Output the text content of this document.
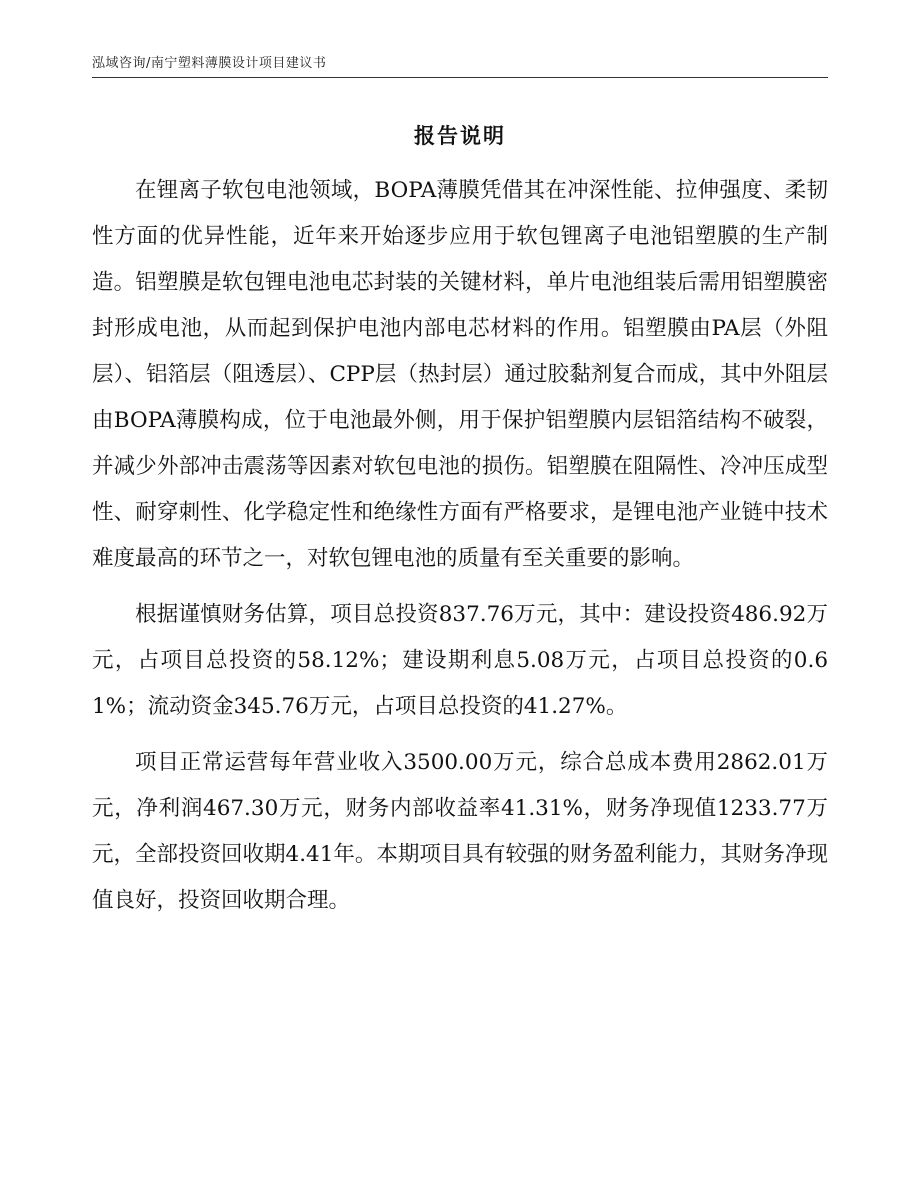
泓域咨询/南宁塑料薄膜设计项目建议书
报告说明

在锂离子软包电池领域，BOPA薄膜凭借其在冲深性能、拉伸强度、柔韧性方面的优异性能，近年来开始逐步应用于软包锂离子电池铝塑膜的生产制造。铝塑膜是软包锂电池电芯封装的关键材料，单片电池组装后需用铝塑膜密封形成电池，从而起到保护电池内部电芯材料的作用。铝塑膜由PA层（外阻层）、铝箔层（阻透层）、CPP层（热封层）通过胶黏剂复合而成，其中外阻层由BOPA薄膜构成，位于电池最外侧，用于保护铝塑膜内层铝箔结构不破裂，并减少外部冲击震荡等因素对软包电池的损伤。铝塑膜在阻隔性、冷冲压成型性、耐穿刺性、化学稳定性和绝缘性方面有严格要求，是锂电池产业链中技术难度最高的环节之一，对软包锂电池的质量有至关重要的影响。

根据谨慎财务估算，项目总投资837.76万元，其中：建设投资486.92万元，占项目总投资的58.12%；建设期利息5.08万元，占项目总投资的0.61%；流动资金345.76万元，占项目总投资的41.27%。

项目正常运营每年营业收入3500.00万元，综合总成本费用2862.01万元，净利润467.30万元，财务内部收益率41.31%，财务净现值1233.77万元，全部投资回收期4.41年。本期项目具有较强的财务盈利能力，其财务净现值良好，投资回收期合理。
